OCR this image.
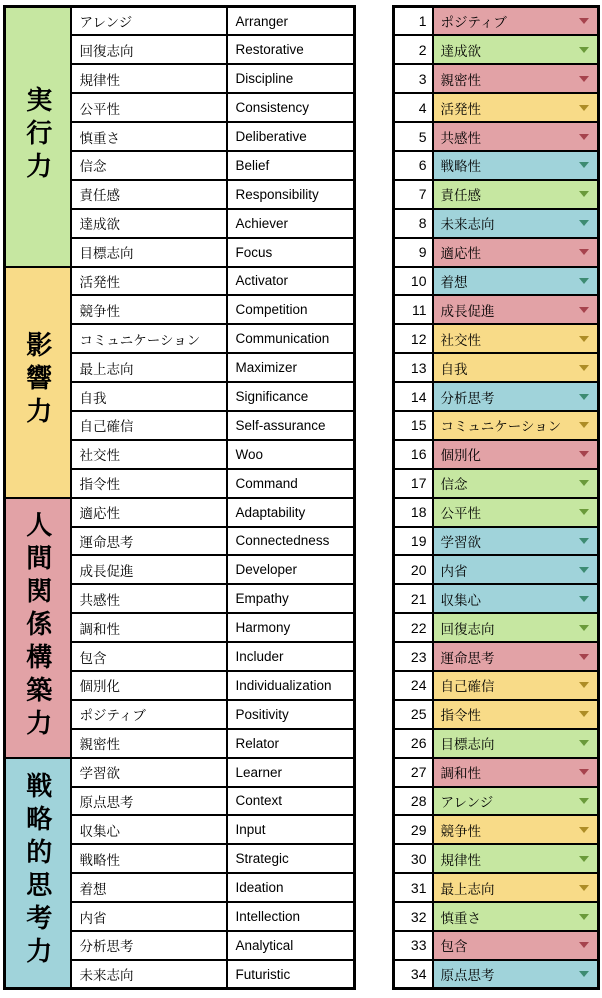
実行力	アレンジ	Arranger
	回復志向	Restorative
	規律性	Discipline
	公平性	Consistency
	慎重さ	Deliberative
	信念	Belief
	責任感	Responsibility
	達成欲	Achiever
	目標志向	Focus
影響力	活発性	Activator
	競争性	Competition
	コミュニケーション	Communication
	最上志向	Maximizer
	自我	Significance
	自己確信	Self-assurance
	社交性	Woo
	指令性	Command
人間関係構築力	適応性	Adaptability
	運命思考	Connectedness
	成長促進	Developer
	共感性	Empathy
	調和性	Harmony
	包含	Includer
	個別化	Individualization
	ポジティブ	Positivity
	親密性	Relator
戦略的思考力	学習欲	Learner
	原点思考	Context
	収集心	Input
	戦略性	Strategic
	着想	Ideation
	内省	Intellection
	分析思考	Analytical
	未来志向	Futuristic
1	ポジティブ

2	達成欲

3	親密性

4	活発性

5	共感性

6	戦略性

7	責任感

8	未来志向

9	適応性

10	着想

11	成長促進

12	社交性

13	自我

14	分析思考

15	コミュニケーション

16	個別化

17	信念

18	公平性

19	学習欲

20	内省

21	収集心

22	回復志向

23	運命思考

24	自己確信

25	指令性

26	目標志向

27	調和性

28	アレンジ

29	競争性

30	規律性

31	最上志向

32	慎重さ

33	包含

34	原点思考
